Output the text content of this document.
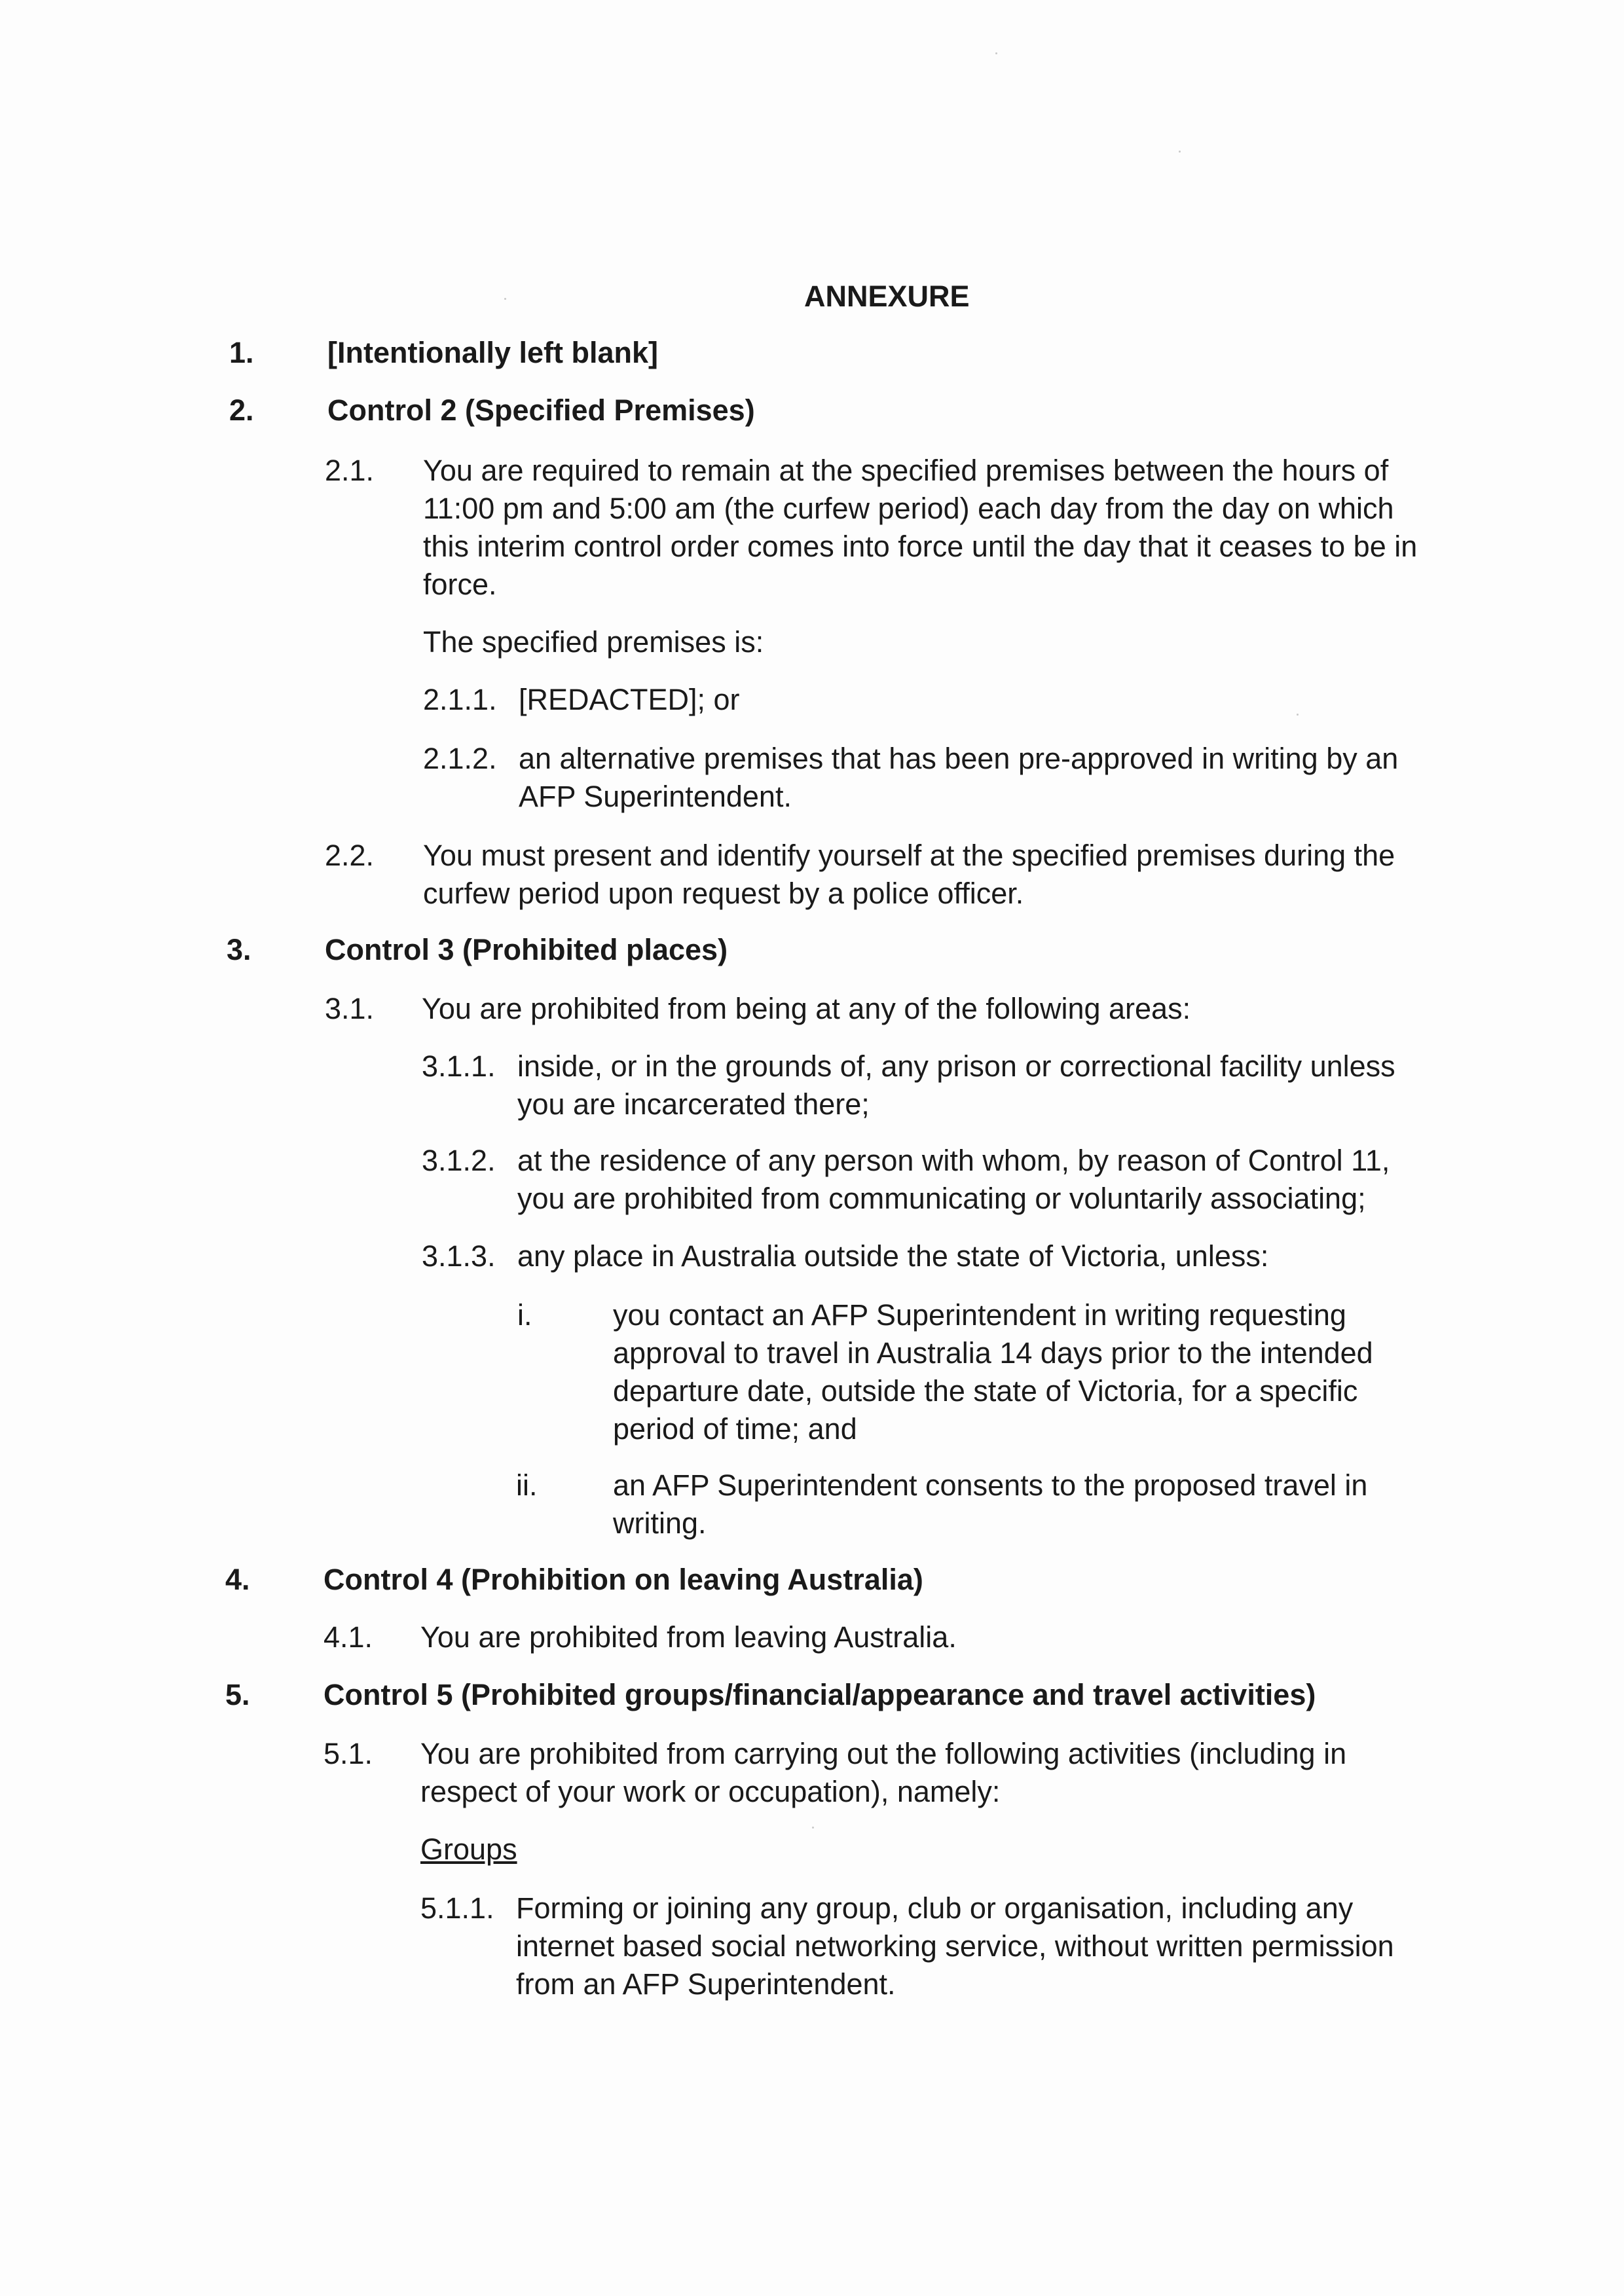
ANNEXURE
1. [Intentionally left blank]
2. Control 2 (Specified Premises)
2.1. You are required to remain at the specified premises between the hours of
11:00 pm and 5:00 am (the curfew period) each day from the day on which
this interim control order comes into force until the day that it ceases to be in
force.
The specified premises is:
2.1.1. [REDACTED]; or
2.1.2. an alternative premises that has been pre-approved in writing by an
AFP Superintendent.
2.2. You must present and identify yourself at the specified premises during the
curfew period upon request by a police officer.
3. Control 3 (Prohibited places)
3.1. You are prohibited from being at any of the following areas:
3.1.1. inside, or in the grounds of, any prison or correctional facility unless
you are incarcerated there;
3.1.2. at the residence of any person with whom, by reason of Control 11,
you are prohibited from communicating or voluntarily associating;
3.1.3. any place in Australia outside the state of Victoria, unless:
i.	you contact an AFP Superintendent in writing requesting
approval to travel in Australia 14 days prior to the intended
departure date, outside the state of Victoria, for a specific
period of time; and
ii.	an AFP Superintendent consents to the proposed travel in
writing.
4. Control 4 (Prohibition on leaving Australia)
4.1. You are prohibited from leaving Australia.
5. Control 5 (Prohibited groups/financial/appearance and travel activities)
5.1. You are prohibited from carrying out the following activities (including in
respect of your work or occupation), namely:
Groups
5.1.1. Forming or joining any group, club or organisation, including any
internet based social networking service, without written permission
from an AFP Superintendent.
